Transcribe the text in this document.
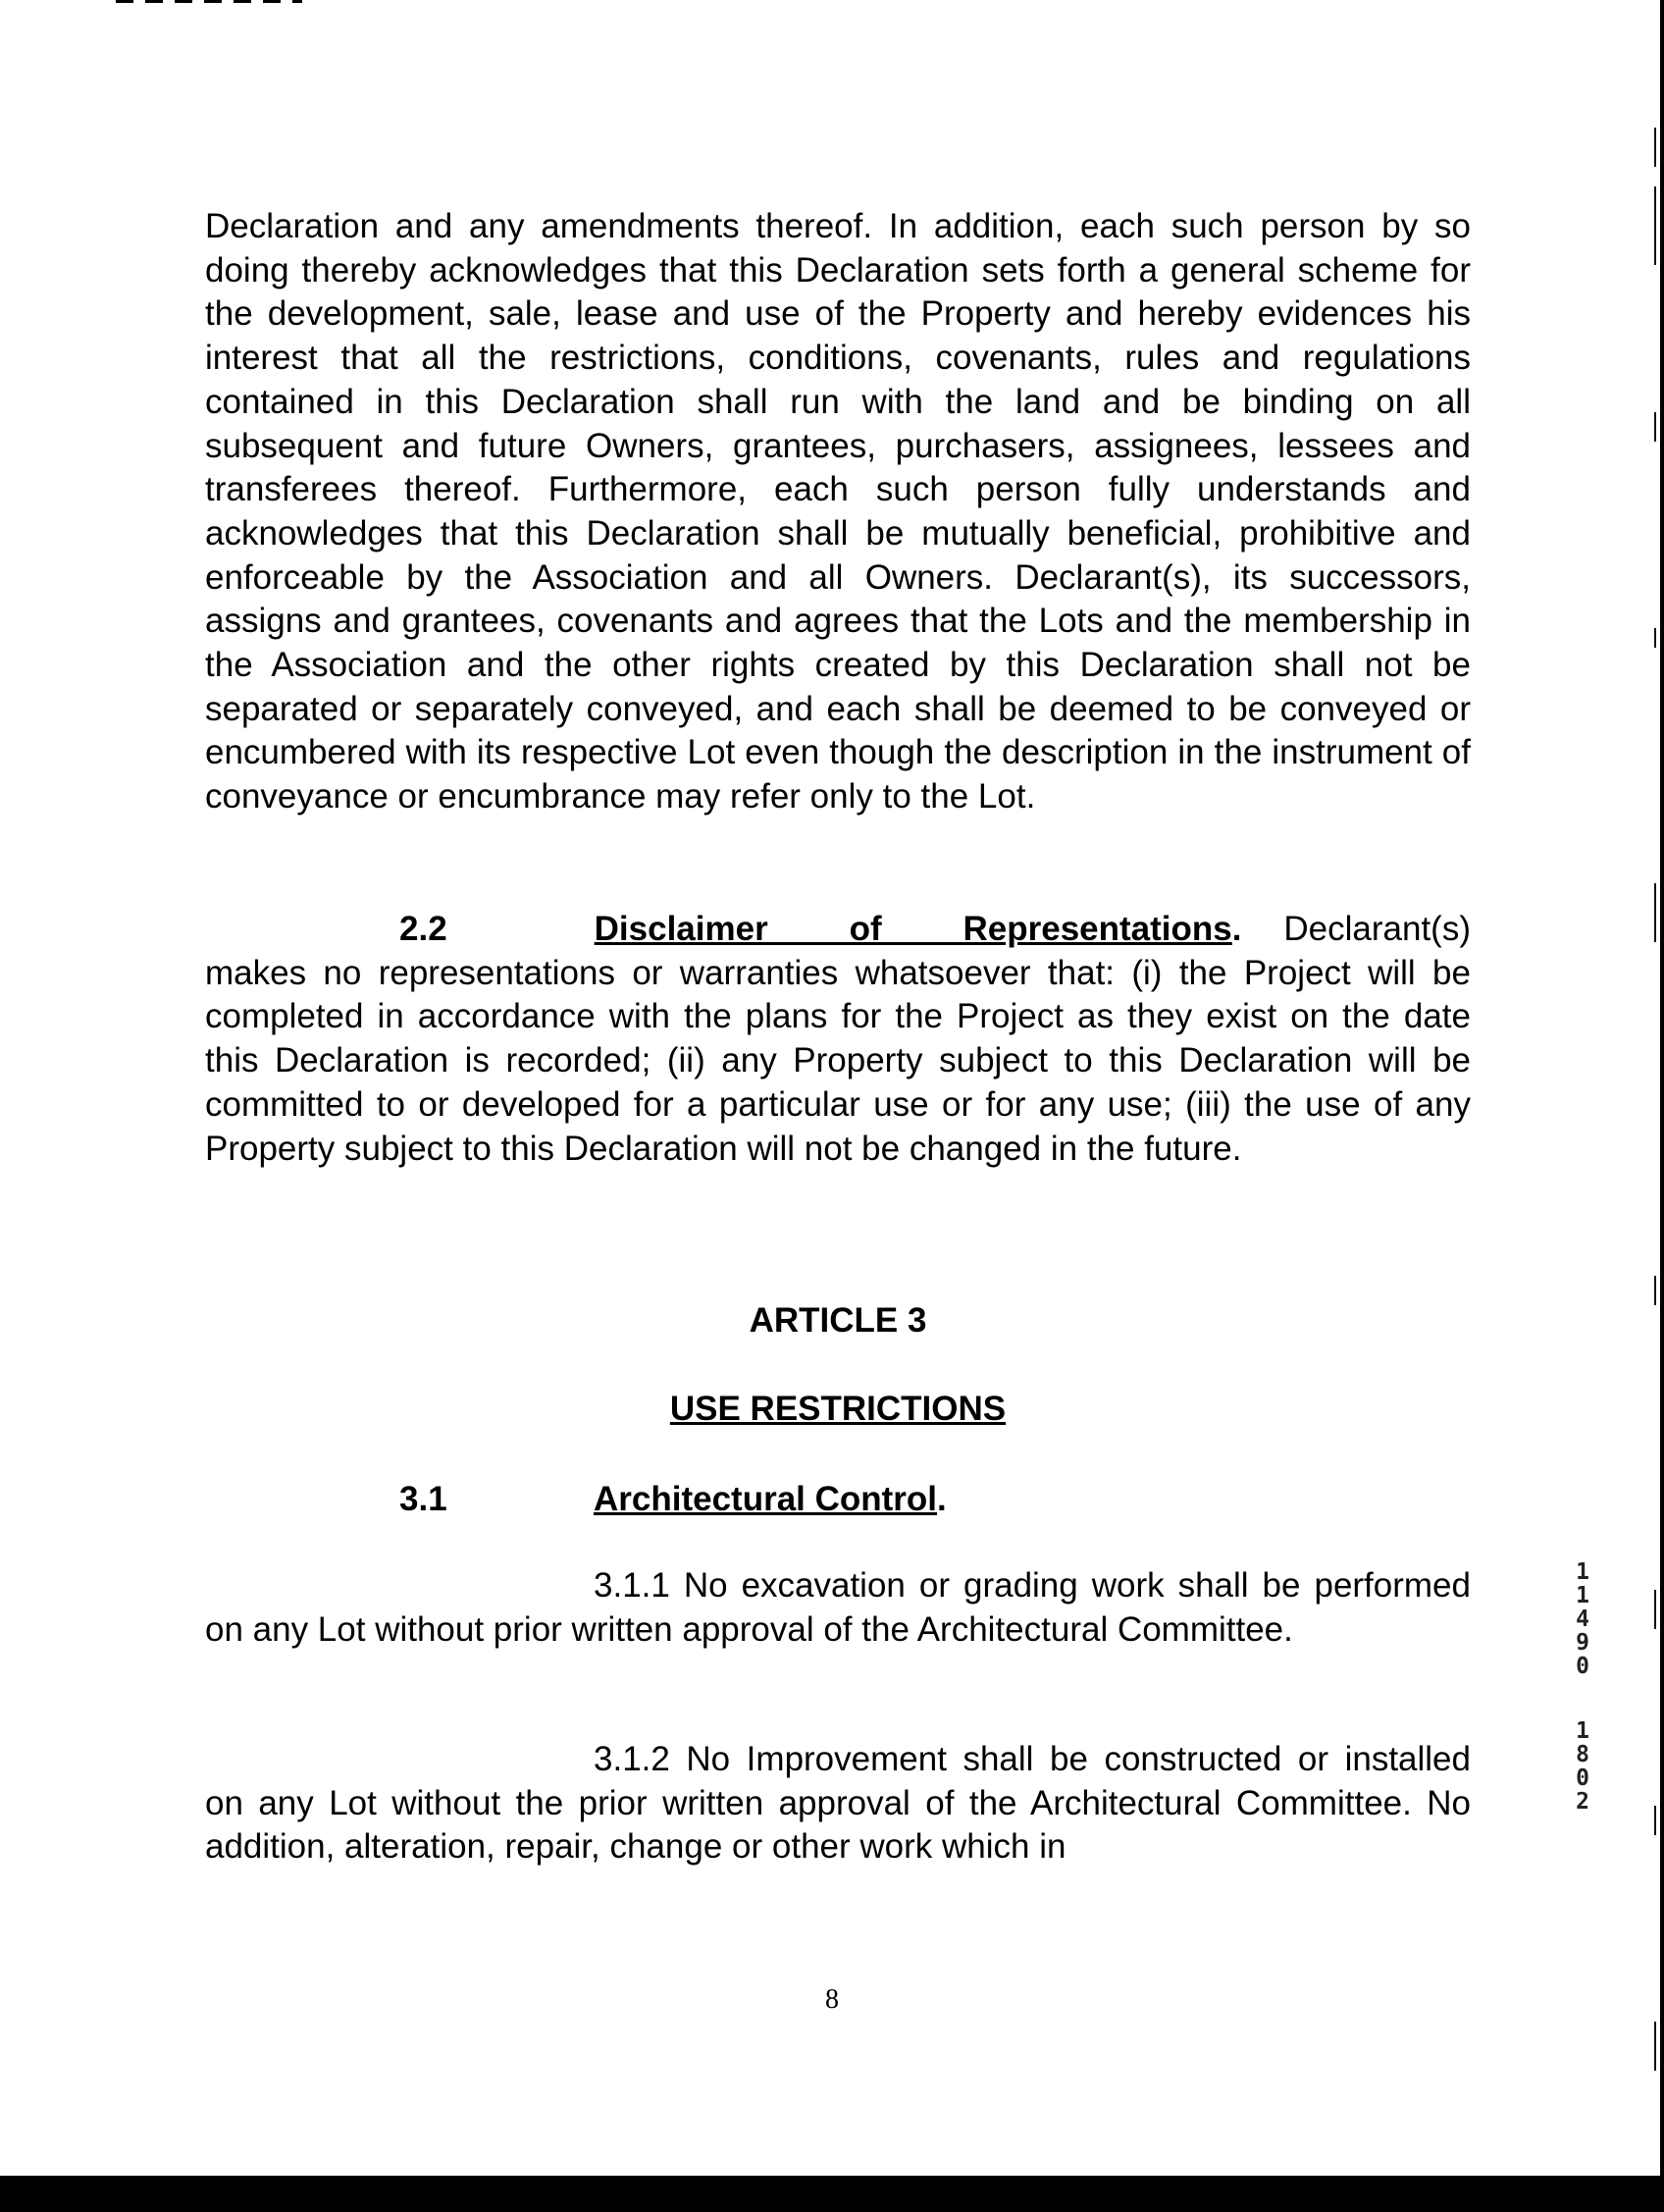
Declaration and any amendments thereof. In addition, each such person by so doing thereby acknowledges that this Declaration sets forth a general scheme for the development, sale, lease and use of the Property and hereby evidences his interest that all the restrictions, conditions, covenants, rules and regulations contained in this Declaration shall run with the land and be binding on all subsequent and future Owners, grantees, purchasers, assignees, lessees and transferees thereof. Furthermore, each such person fully understands and acknowledges that this Declaration shall be mutually beneficial, prohibitive and enforceable by the Association and all Owners. Declarant(s), its successors, assigns and grantees, covenants and agrees that the Lots and the membership in the Association and the other rights created by this Declaration shall not be separated or separately conveyed, and each shall be deemed to be conveyed or encumbered with its respective Lot even though the description in the instrument of conveyance or encumbrance may refer only to the Lot.
2.2	Disclaimer of Representations. Declarant(s) makes no representations or warranties whatsoever that: (i) the Project will be completed in accordance with the plans for the Project as they exist on the date this Declaration is recorded; (ii) any Property subject to this Declaration will be committed to or developed for a particular use or for any use; (iii) the use of any Property subject to this Declaration will not be changed in the future.
ARTICLE 3
USE RESTRICTIONS
3.1	Architectural Control.
3.1.1 No excavation or grading work shall be performed on any Lot without prior written approval of the Architectural Committee.
3.1.2 No Improvement shall be constructed or installed on any Lot without the prior written approval of the Architectural Committee. No addition, alteration, repair, change or other work which in
8
1
1
4
9
0
1
8
0
2
